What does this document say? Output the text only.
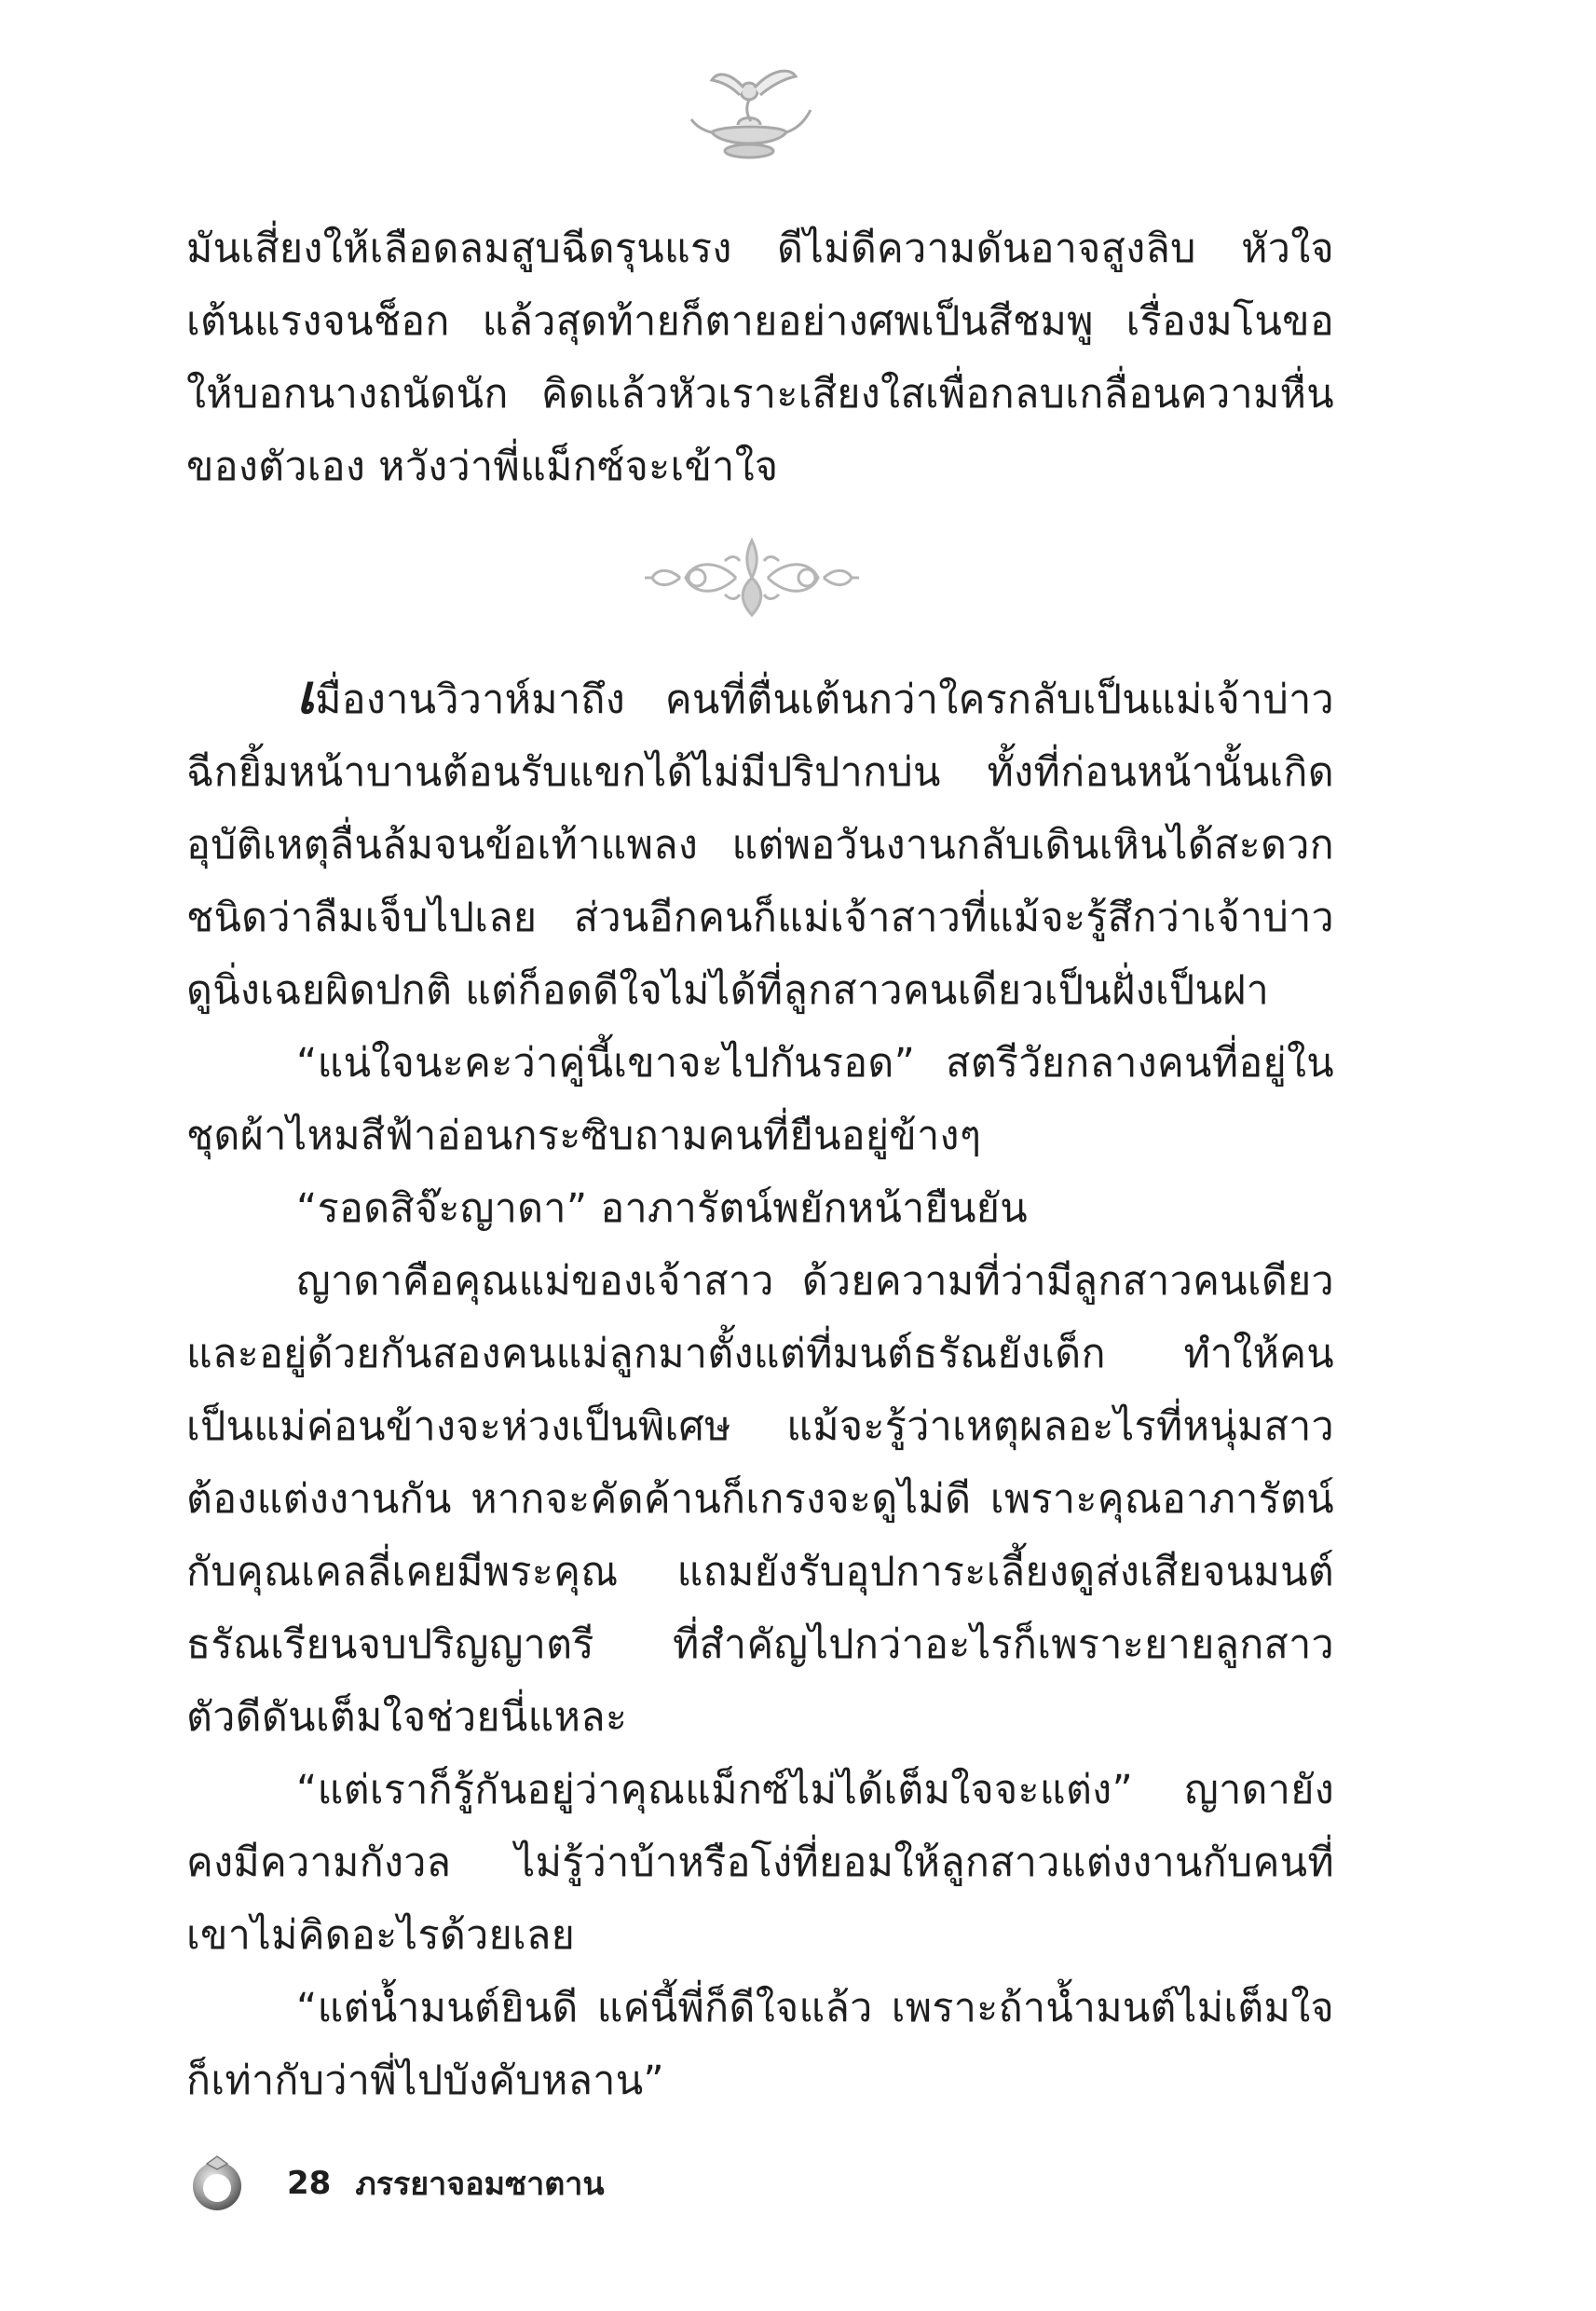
มันเสี่ยงให้เลือดลมสูบฉีดรุนแรง ดีไม่ดีความดันอาจสูงลิบ หัวใจเต้นแรงจนช็อก แล้วสุดท้ายก็ตายอย่างศพเป็นสีชมพู เรื่องมโนขอให้บอกนางถนัดนัก คิดแล้วหัวเราะเสียงใสเพื่อกลบเกลื่อนความหื่นของตัวเอง หวังว่าพี่แม็กซ์จะเข้าใจ

เมื่องานวิวาห์มาถึง คนที่ตื่นเต้นกว่าใครกลับเป็นแม่เจ้าบ่าว ฉีกยิ้มหน้าบานต้อนรับแขกได้ไม่มีปริปากบ่น ทั้งที่ก่อนหน้านั้นเกิดอุบัติเหตุลื่นล้มจนข้อเท้าแพลง แต่พอวันงานกลับเดินเหินได้สะดวกชนิดว่าลืมเจ็บไปเลย ส่วนอีกคนก็แม่เจ้าสาวที่แม้จะรู้สึกว่าเจ้าบ่าวดูนิ่งเฉยผิดปกติ แต่ก็อดดีใจไม่ได้ที่ลูกสาวคนเดียวเป็นฝั่งเป็นฝา

“แน่ใจนะคะว่าคู่นี้เขาจะไปกันรอด” สตรีวัยกลางคนที่อยู่ในชุดผ้าไหมสีฟ้าอ่อนกระซิบถามคนที่ยืนอยู่ข้างๆ

“รอดสิจ๊ะญาดา” อาภารัตน์พยักหน้ายืนยัน

ญาดาคือคุณแม่ของเจ้าสาว ด้วยความที่ว่ามีลูกสาวคนเดียวและอยู่ด้วยกันสองคนแม่ลูกมาตั้งแต่ที่มนต์ธรัณยังเด็ก ทำให้คนเป็นแม่ค่อนข้างจะห่วงเป็นพิเศษ แม้จะรู้ว่าเหตุผลอะไรที่หนุ่มสาวต้องแต่งงานกัน หากจะคัดค้านก็เกรงจะดูไม่ดี เพราะคุณอาภารัตน์กับคุณเคลลี่เคยมีพระคุณ แถมยังรับอุปการะเลี้ยงดูส่งเสียจนมนต์ธรัณเรียนจบปริญญาตรี ที่สำคัญไปกว่าอะไรก็เพราะยายลูกสาวตัวดีดันเต็มใจช่วยนี่แหละ

“แต่เราก็รู้กันอยู่ว่าคุณแม็กซ์ไม่ได้เต็มใจจะแต่ง” ญาดายังคงมีความกังวล ไม่รู้ว่าบ้าหรือโง่ที่ยอมให้ลูกสาวแต่งงานกับคนที่เขาไม่คิดอะไรด้วยเลย

“แต่น้ำมนต์ยินดี แค่นี้พี่ก็ดีใจแล้ว เพราะถ้าน้ำมนต์ไม่เต็มใจก็เท่ากับว่าพี่ไปบังคับหลาน”

28 ภรรยาจอมซาตาน
